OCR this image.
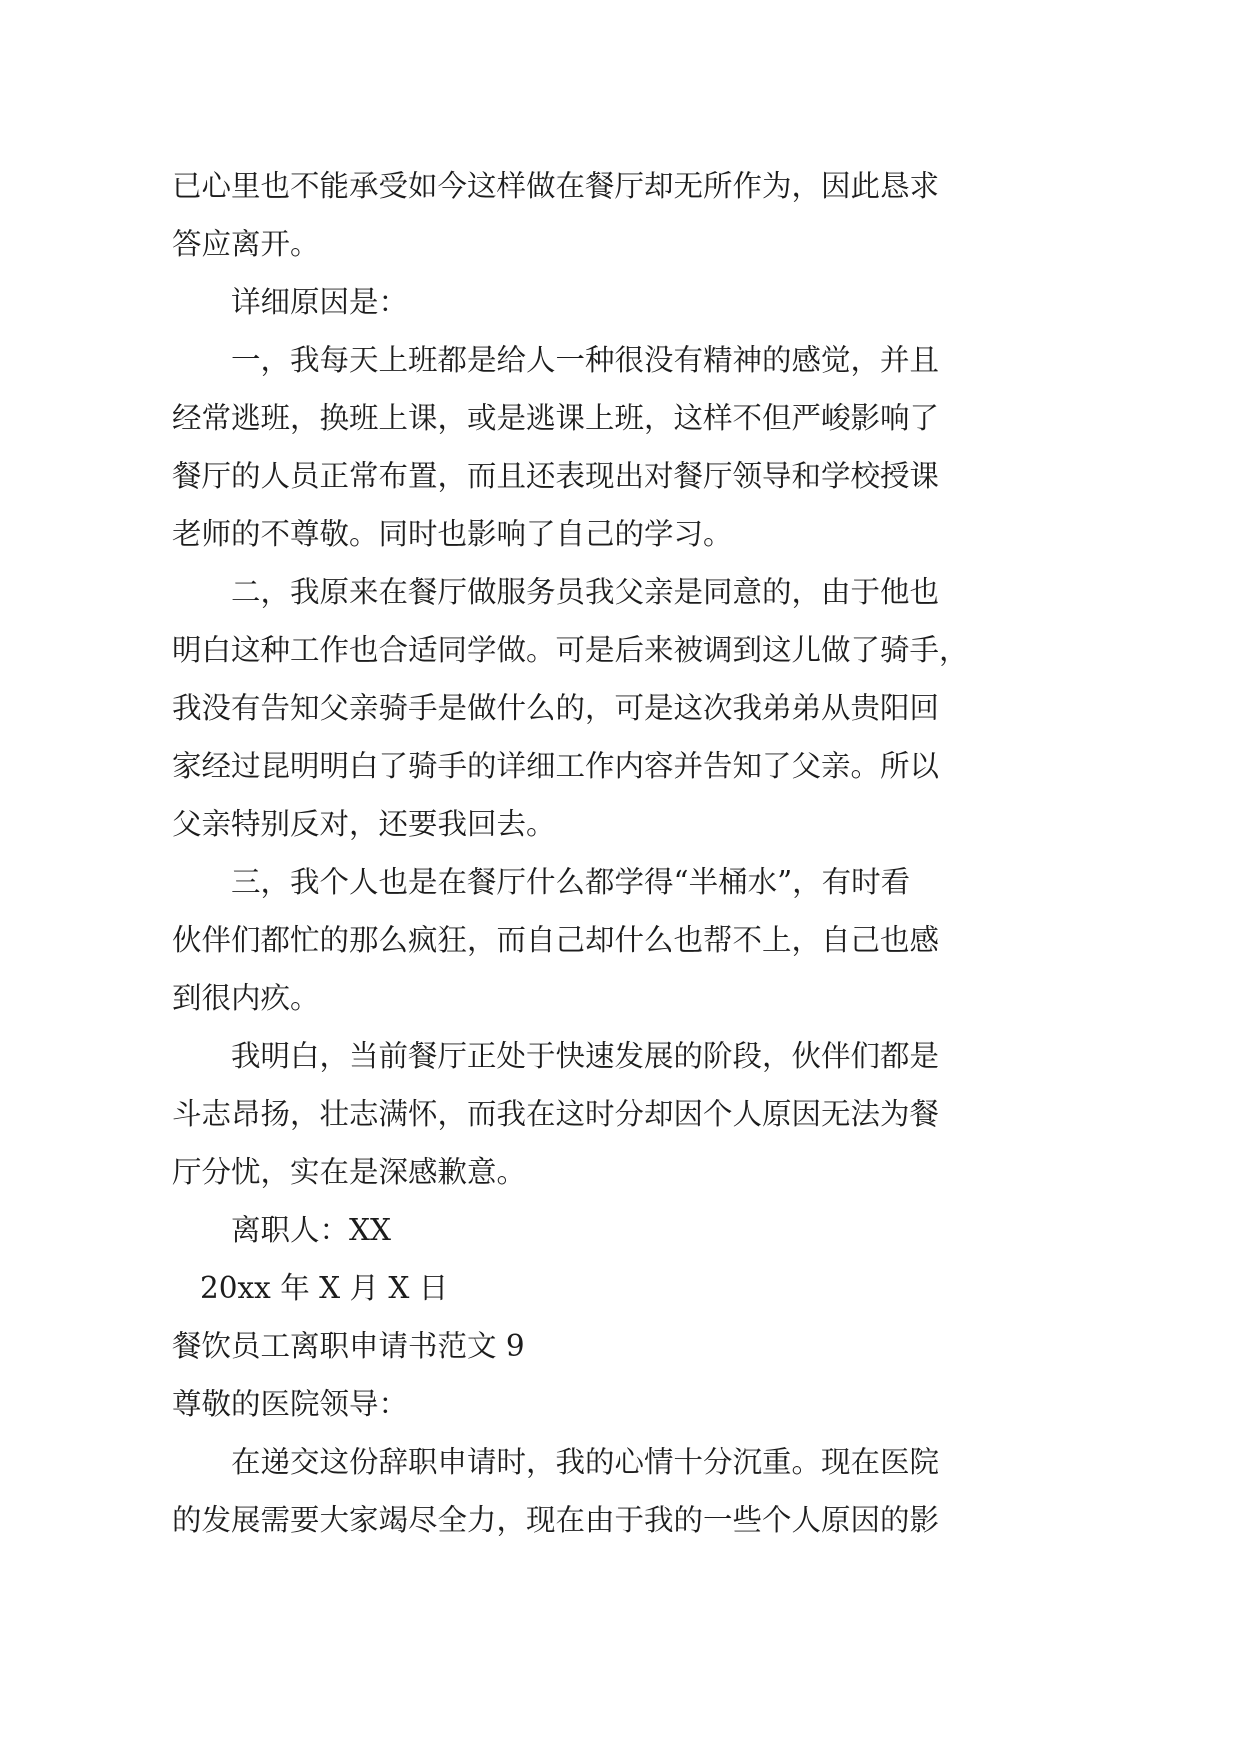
已心里也不能承受如今这样做在餐厅却无所作为，因此恳求
答应离开。
详细原因是：
一，我每天上班都是给人一种很没有精神的感觉，并且
经常逃班，换班上课，或是逃课上班，这样不但严峻影响了
餐厅的人员正常布置，而且还表现出对餐厅领导和学校授课
老师的不尊敬。同时也影响了自己的学习。
二，我原来在餐厅做服务员我父亲是同意的，由于他也
明白这种工作也合适同学做。可是后来被调到这儿做了骑手，
我没有告知父亲骑手是做什么的，可是这次我弟弟从贵阳回
家经过昆明明白了骑手的详细工作内容并告知了父亲。所以
父亲特别反对，还要我回去。
三，我个人也是在餐厅什么都学得“半桶水”，有时看
伙伴们都忙的那么疯狂，而自己却什么也帮不上，自己也感
到很内疚。
我明白，当前餐厅正处于快速发展的阶段，伙伴们都是
斗志昂扬，壮志满怀，而我在这时分却因个人原因无法为餐
厅分忧，实在是深感歉意。
离职人：XX
20xx 年 X 月 X 日
餐饮员工离职申请书范文 9
尊敬的医院领导：
在递交这份辞职申请时，我的心情十分沉重。现在医院
的发展需要大家竭尽全力，现在由于我的一些个人原因的影
